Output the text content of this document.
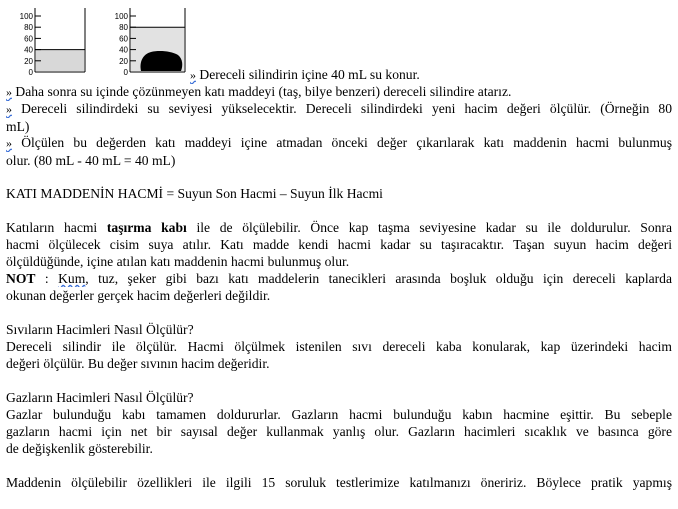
100
80
60
40
20
0
100
80
60
40
20
0	» Dereceli silindirin içine 40 mL su konur.
» Daha sonra su içinde çözünmeyen katı maddeyi (taş, bilye benzeri) dereceli silindire atarız.
» Dereceli silindirdeki su seviyesi yükselecektir. Dereceli silindirdeki yeni hacim değeri ölçülür. (Örneğin 80
mL)
» Ölçülen bu değerden katı maddeyi içine atmadan önceki değer çıkarılarak katı maddenin hacmi bulunmuş
olur. (80 mL - 40 mL = 40 mL)
KATI MADDENİN HACMİ = Suyun Son Hacmi – Suyun İlk Hacmi
Katıların hacmi taşırma kabı ile de ölçülebilir. Önce kap taşma seviyesine kadar su ile doldurulur. Sonra
hacmi ölçülecek cisim suya atılır. Katı madde kendi hacmi kadar su taşıracaktır. Taşan suyun hacim değeri
ölçüldüğünde, içine atılan katı maddenin hacmi bulunmuş olur.
NOT : Kum, tuz, şeker gibi bazı katı maddelerin tanecikleri arasında boşluk olduğu için dereceli kaplarda
okunan değerler gerçek hacim değerleri değildir.
Sıvıların Hacimleri Nasıl Ölçülür?
Dereceli silindir ile ölçülür. Hacmi ölçülmek istenilen sıvı dereceli kaba konularak, kap üzerindeki hacim
değeri ölçülür. Bu değer sıvının hacim değeridir.
Gazların Hacimleri Nasıl Ölçülür?
Gazlar bulunduğu kabı tamamen doldururlar. Gazların hacmi bulunduğu kabın hacmine eşittir. Bu sebeple
gazların hacmi için net bir sayısal değer kullanmak yanlış olur. Gazların hacimleri sıcaklık ve basınca göre
de değişkenlik gösterebilir.
Maddenin ölçülebilir özellikleri ile ilgili 15 soruluk testlerimize katılmanızı öneririz. Böylece pratik yapmış
